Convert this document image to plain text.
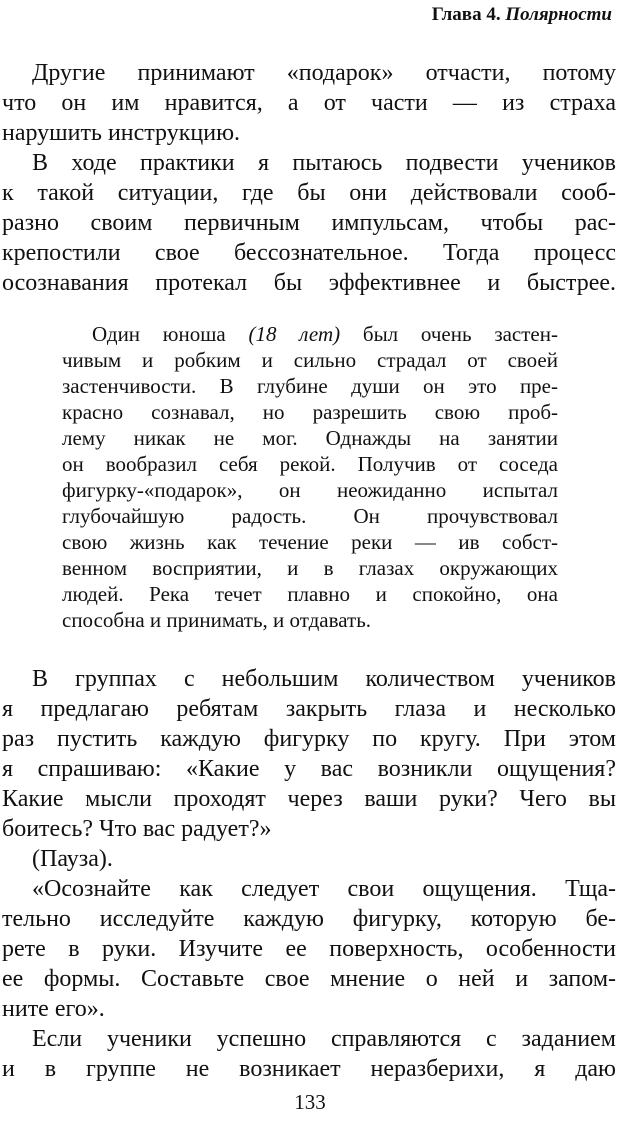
Глава 4. Полярности
Другие принимают «подарок» отчасти, потому
что он им нравится, а от части — из страха
нарушить инструкцию.
В ходе практики я пытаюсь подвести учеников
к такой ситуации, где бы они действовали сооб-
разно своим первичным импульсам, чтобы рас-
крепостили свое бессознательное. Тогда процесс
осознавания протекал бы эффективнее и быстрее.
Один юноша (18 лет) был очень застен-
чивым и робким и сильно страдал от своей
застенчивости. В глубине души он это пре-
красно сознавал, но разрешить свою проб-
лему никак не мог. Однажды на занятии
он вообразил себя рекой. Получив от соседа
фигурку-«подарок», он неожиданно испытал
глубочайшую радость. Он прочувствовал
свою жизнь как течение реки — ив собст-
венном восприятии, и в глазах окружающих
людей. Река течет плавно и спокойно, она
способна и принимать, и отдавать.
В группах с небольшим количеством учеников
я предлагаю ребятам закрыть глаза и несколько
раз пустить каждую фигурку по кругу. При этом
я спрашиваю: «Какие у вас возникли ощущения?
Какие мысли проходят через ваши руки? Чего вы
боитесь? Что вас радует?»
(Пауза).
«Осознайте как следует свои ощущения. Тща-
тельно исследуйте каждую фигурку, которую бе-
рете в руки. Изучите ее поверхность, особенности
ее формы. Составьте свое мнение о ней и запом-
ните его».
Если ученики успешно справляются с заданием
и в группе не возникает неразберихи, я даю
133
